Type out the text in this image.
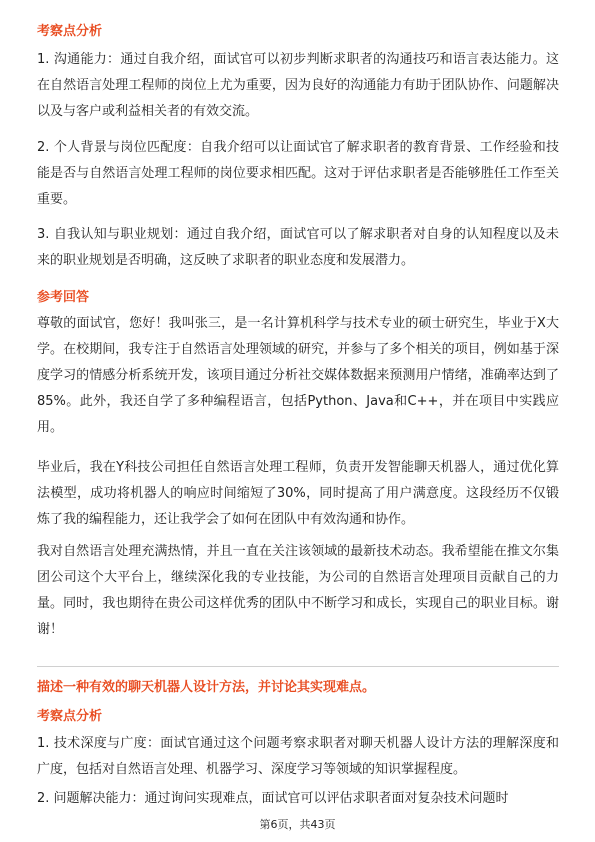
考察点分析
1. 沟通能力：通过自我介绍，面试官可以初步判断求职者的沟通技巧和语言表达能力。这在自然语言处理工程师的岗位上尤为重要，因为良好的沟通能力有助于团队协作、问题解决以及与客户或利益相关者的有效交流。
2. 个人背景与岗位匹配度：自我介绍可以让面试官了解求职者的教育背景、工作经验和技能是否与自然语言处理工程师的岗位要求相匹配。这对于评估求职者是否能够胜任工作至关重要。
3. 自我认知与职业规划：通过自我介绍，面试官可以了解求职者对自身的认知程度以及未来的职业规划是否明确，这反映了求职者的职业态度和发展潜力。
参考回答
尊敬的面试官，您好！我叫张三，是一名计算机科学与技术专业的硕士研究生，毕业于X大学。在校期间，我专注于自然语言处理领域的研究，并参与了多个相关的项目，例如基于深度学习的情感分析系统开发，该项目通过分析社交媒体数据来预测用户情绪，准确率达到了85%。此外，我还自学了多种编程语言，包括Python、Java和C++，并在项目中实践应用。
毕业后，我在Y科技公司担任自然语言处理工程师，负责开发智能聊天机器人，通过优化算法模型，成功将机器人的响应时间缩短了30%，同时提高了用户满意度。这段经历不仅锻炼了我的编程能力，还让我学会了如何在团队中有效沟通和协作。
我对自然语言处理充满热情，并且一直在关注该领域的最新技术动态。我希望能在推文尔集团公司这个大平台上，继续深化我的专业技能，为公司的自然语言处理项目贡献自己的力量。同时，我也期待在贵公司这样优秀的团队中不断学习和成长，实现自己的职业目标。谢谢！
描述一种有效的聊天机器人设计方法，并讨论其实现难点。
考察点分析
1. 技术深度与广度：面试官通过这个问题考察求职者对聊天机器人设计方法的理解深度和广度，包括对自然语言处理、机器学习、深度学习等领域的知识掌握程度。
2. 问题解决能力：通过询问实现难点，面试官可以评估求职者面对复杂技术问题时
第6页，共43页
